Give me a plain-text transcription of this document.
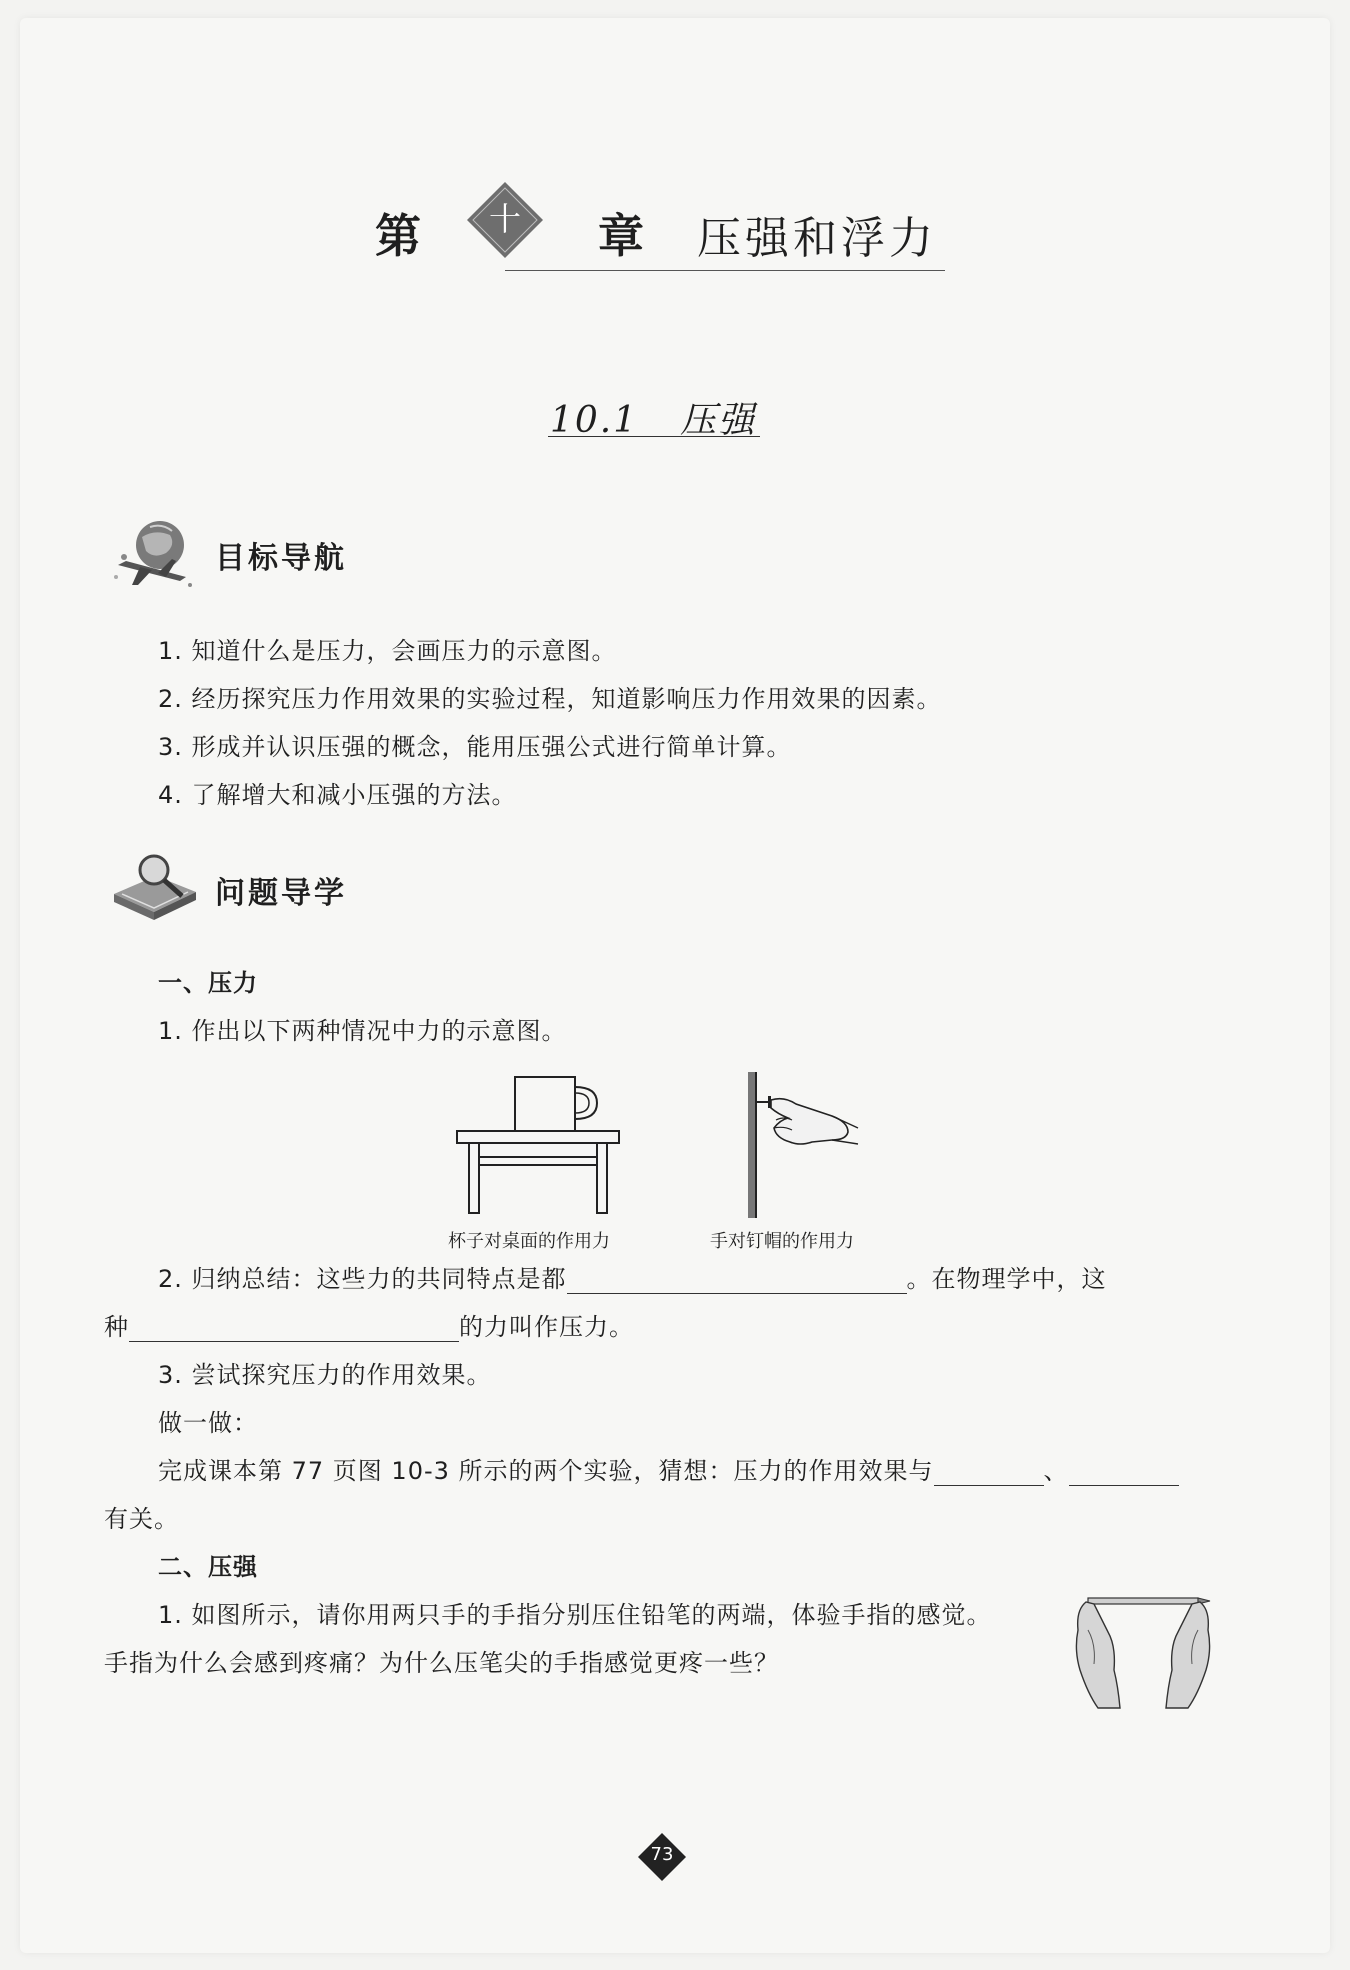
第 十 章 压强和浮力
10.1 压强
目标导航
1. 知道什么是压力，会画压力的示意图。
2. 经历探究压力作用效果的实验过程，知道影响压力作用效果的因素。
3. 形成并认识压强的概念，能用压强公式进行简单计算。
4. 了解增大和减小压强的方法。
问题导学
一、压力
1. 作出以下两种情况中力的示意图。
杯子对桌面的作用力	手对钉帽的作用力
2. 归纳总结：这些力的共同特点是都	。在物理学中，这
种	的力叫作压力。
3. 尝试探究压力的作用效果。
做一做：
完成课本第 77 页图 10-3 所示的两个实验，猜想：压力的作用效果与	、
有关。
二、压强
1. 如图所示，请你用两只手的手指分别压住铅笔的两端，体验手指的感觉。
手指为什么会感到疼痛？为什么压笔尖的手指感觉更疼一些？
73
